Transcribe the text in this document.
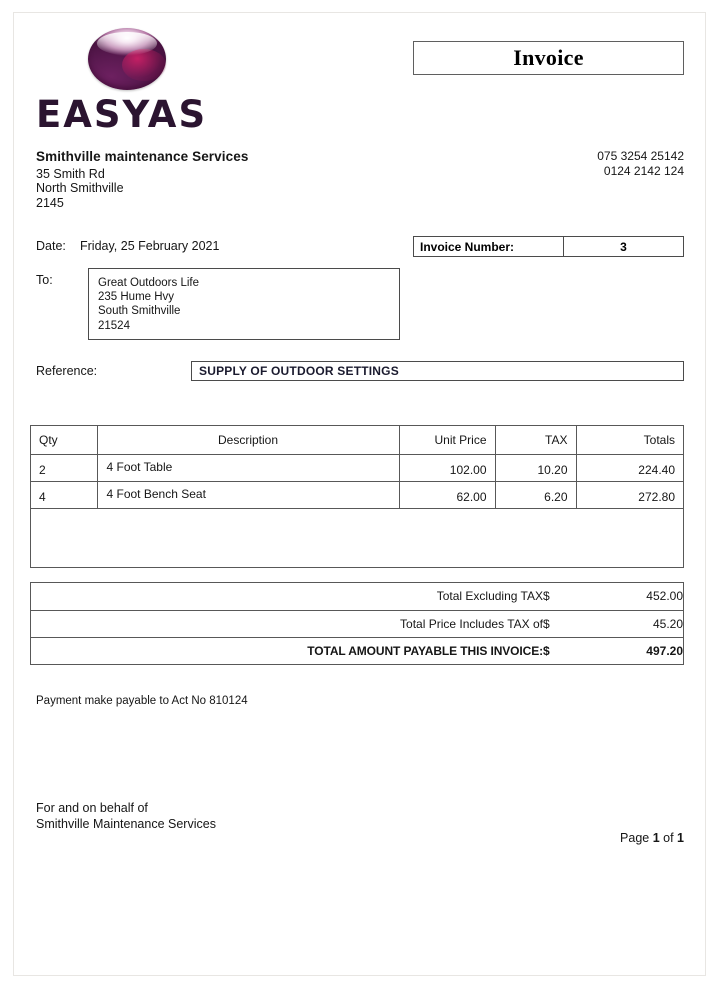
EASYAS
Invoice
Smithville maintenance Services
35 Smith Rd
North Smithville
2145
075 3254 25142
0124 2142 124
Date: Friday, 25 February 2021	Invoice Number:	3
To:	Great Outdoors Life
235 Hume Hvy
South Smithville
21524
Reference:	SUPPLY OF OUTDOOR SETTINGS
Qty	Description	Unit Price	TAX	Totals
2	4 Foot Table	102.00	10.20	224.40
4	4 Foot Bench Seat	62.00	6.20	272.80

Total Excluding TAX	$	452.00
Total Price Includes TAX of	$	45.20
TOTAL AMOUNT PAYABLE THIS INVOICE:	$	497.20
Payment make payable to Act No 810124
For and on behalf of
Smithville Maintenance Services
Page 1 of 1
